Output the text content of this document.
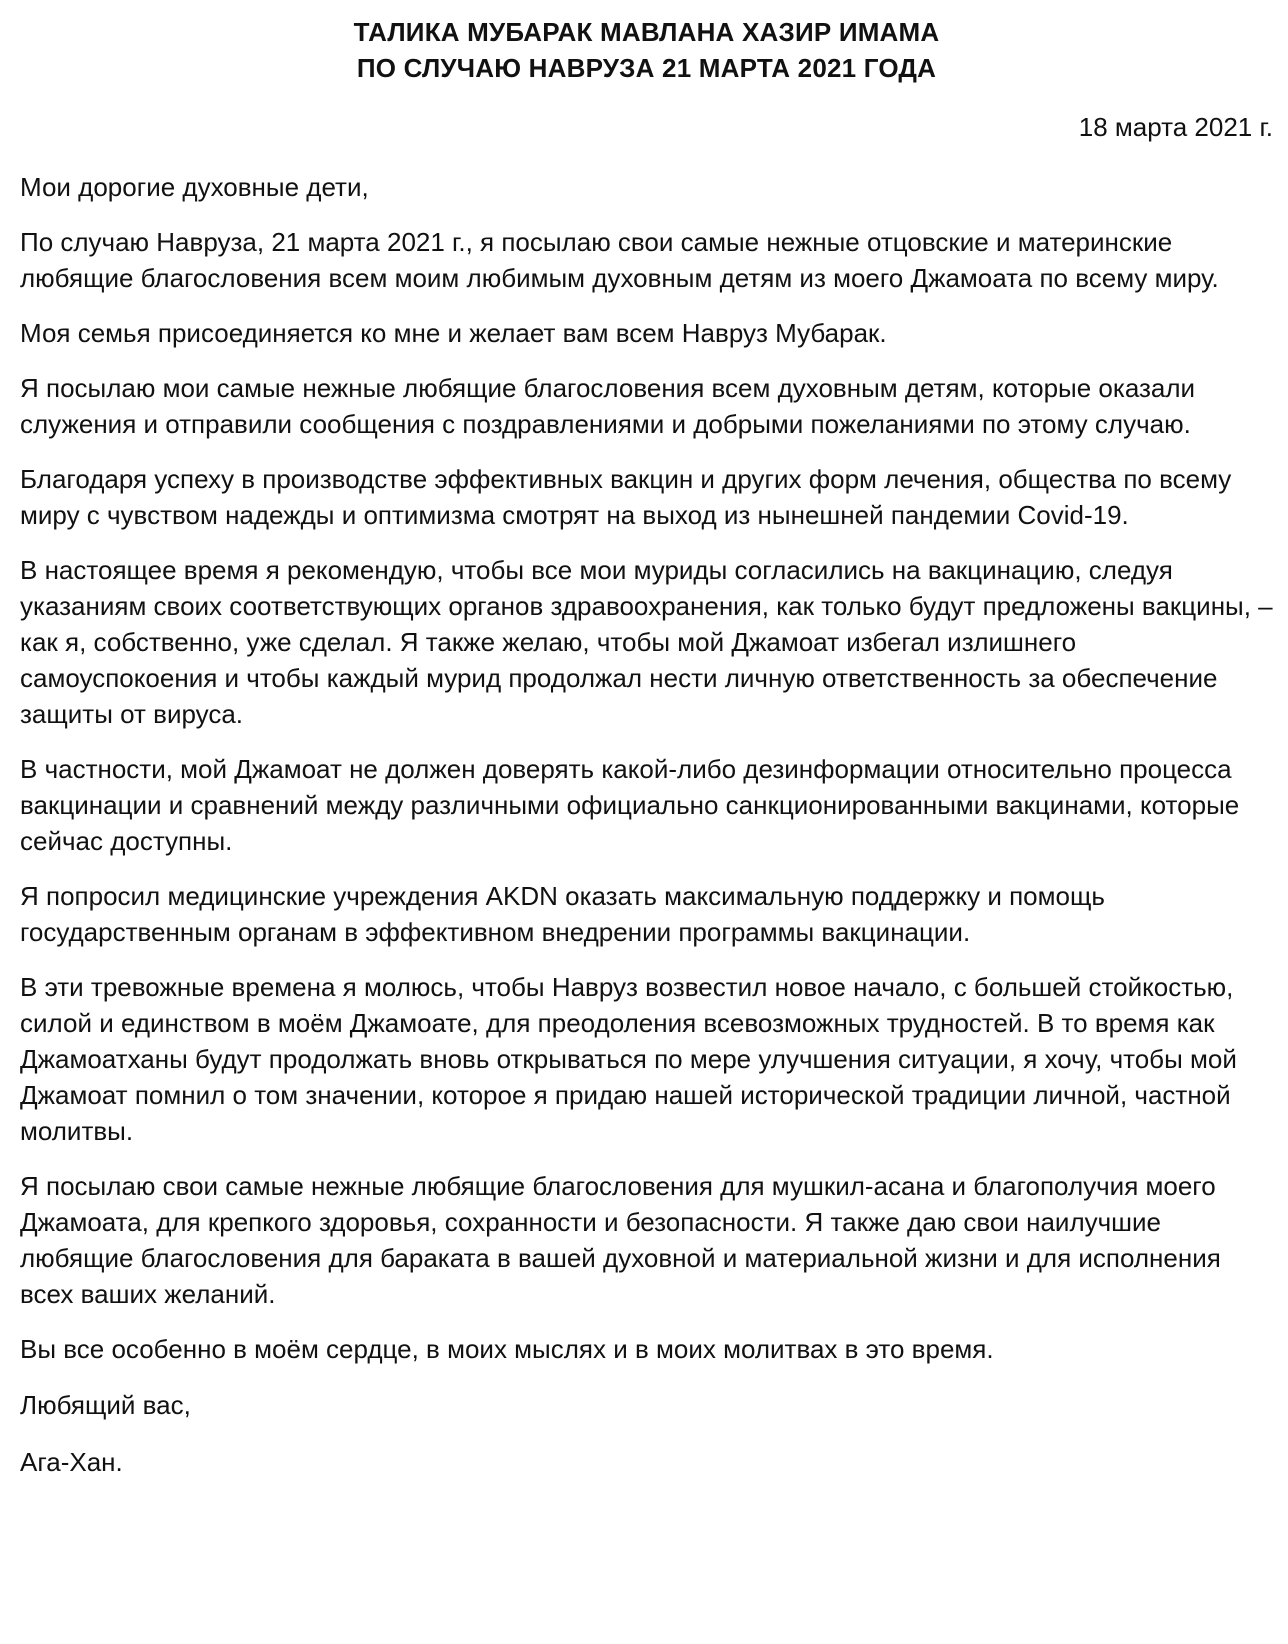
ТАЛИКА МУБАРАК МАВЛАНА ХАЗИР ИМАМА
ПО СЛУЧАЮ НАВРУЗА 21 МАРТА 2021 ГОДА

18 марта 2021 г.

Мои дорогие духовные дети,

По случаю Навруза, 21 марта 2021 г., я посылаю свои самые нежные отцовские и материнские любящие благословения всем моим любимым духовным детям из моего Джамоата по всему миру.

Моя семья присоединяется ко мне и желает вам всем Навруз Мубарак.

Я посылаю мои самые нежные любящие благословения всем духовным детям, которые оказали служения и отправили сообщения с поздравлениями и добрыми пожеланиями по этому случаю.

Благодаря успеху в производстве эффективных вакцин и других форм лечения, общества по всему миру с чувством надежды и оптимизма смотрят на выход из нынешней пандемии Covid-19.

В настоящее время я рекомендую, чтобы все мои муриды согласились на вакцинацию, следуя указаниям своих соответствующих органов здравоохранения, как только будут предложены вакцины, – как я, собственно, уже сделал. Я также желаю, чтобы мой Джамоат избегал излишнего самоуспокоения и чтобы каждый мурид продолжал нести личную ответственность за обеспечение защиты от вируса.

В частности, мой Джамоат не должен доверять какой-либо дезинформации относительно процесса вакцинации и сравнений между различными официально санкционированными вакцинами, которые сейчас доступны.

Я попросил медицинские учреждения AKDN оказать максимальную поддержку и помощь государственным органам в эффективном внедрении программы вакцинации.

В эти тревожные времена я молюсь, чтобы Навруз возвестил новое начало, с большей стойкостью, силой и единством в моём Джамоате, для преодоления всевозможных трудностей. В то время как Джамоатханы будут продолжать вновь открываться по мере улучшения ситуации, я хочу, чтобы мой Джамоат помнил о том значении, которое я придаю нашей исторической традиции личной, частной молитвы.

Я посылаю свои самые нежные любящие благословения для мушкил-асана и благополучия моего Джамоата, для крепкого здоровья, сохранности и безопасности. Я также даю свои наилучшие любящие благословения для бараката в вашей духовной и материальной жизни и для исполнения всех ваших желаний.

Вы все особенно в моём сердце, в моих мыслях и в моих молитвах в это время.

Любящий вас,

Ага-Хан.
